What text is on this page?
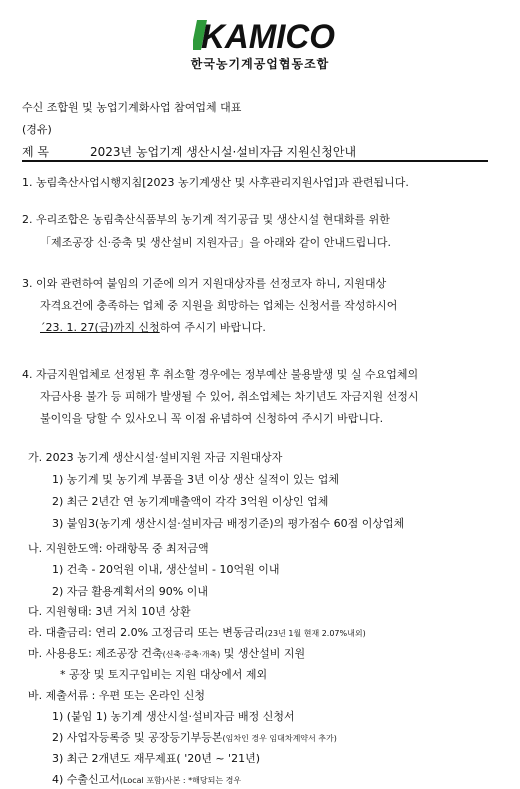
KAMICO
한국농기계공업협동조합
수신 조합원 및 농업기계화사업 참여업체 대표
(경유)
제 목	2023년 농업기계 생산시설·설비자금 지원신청안내
1. 농림축산사업시행지침[2023 농기계생산 및 사후관리지원사업]과 관련됩니다.
2. 우리조합은 농림축산식품부의 농기계 적기공급 및 생산시설 현대화를 위한
「제조공장 신·증축 및 생산설비 지원자금」을 아래와 같이 안내드립니다.
3. 이와 관련하여 붙임의 기준에 의거 지원대상자를 선정코자 하니, 지원대상
자격요건에 충족하는 업체 중 지원을 희망하는 업체는 신청서를 작성하시어
´23. 1. 27(금)까지 신청하여 주시기 바랍니다.
4. 자금지원업체로 선정된 후 취소할 경우에는 정부예산 불용발생 및 실 수요업체의
자금사용 불가 등 피해가 발생될 수 있어, 취소업체는 차기년도 자금지원 선정시
불이익을 당할 수 있사오니 꼭 이점 유념하여 신청하여 주시기 바랍니다.
가. 2023 농기계 생산시설·설비지원 자금 지원대상자
1) 농기계 및 농기계 부품을 3년 이상 생산 실적이 있는 업체
2) 최근 2년간 연 농기계매출액이 각각 3억원 이상인 업체
3) 붙임3(농기계 생산시설·설비자금 배정기준)의 평가점수 60점 이상업체
나. 지원한도액: 아래항목 중 최저금액
1) 건축 - 20억원 이내, 생산설비 - 10억원 이내
2) 자금 활용계획서의 90% 이내
다. 지원형태: 3년 거치 10년 상환
라. 대출금리: 연리 2.0% 고정금리 또는 변동금리(23년 1월 현재 2.07%내외)
마. 사용용도: 제조공장 건축(신축·증축·개축) 및 생산설비 지원
* 공장 및 토지구입비는 지원 대상에서 제외
바. 제출서류 : 우편 또는 온라인 신청
1) (붙임 1) 농기계 생산시설·설비자금 배정 신청서
2) 사업자등록증 및 공장등기부등본(임차인 경우 임대차계약서 추가)
3) 최근 2개년도 재무제표( '20년 ~ '21년)
4) 수출신고서(Local 포함)사본 : *해당되는 경우
